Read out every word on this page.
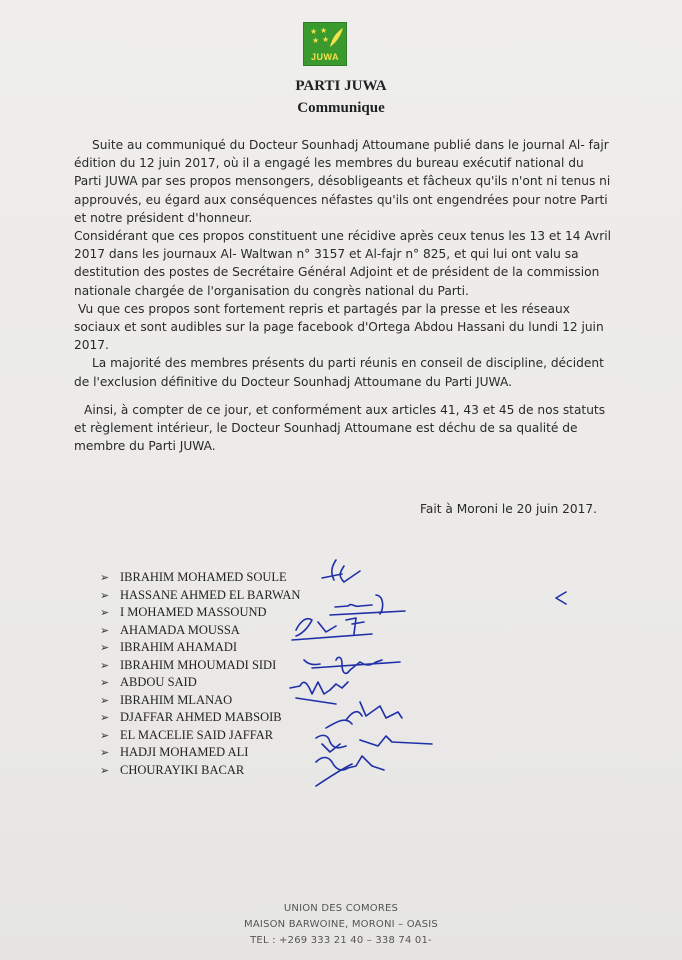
★ ★
★ ★
JUWA
PARTI JUWA
Communique

Suite au communiqué du Docteur Sounhadj Attoumane publié dans le journal Al- fajr édition du 12 juin 2017, où il a engagé les membres du bureau exécutif national du Parti JUWA par ses propos mensongers, désobligeants et fâcheux qu'ils n'ont ni tenus ni approuvés, eu égard aux conséquences néfastes qu'ils ont engendrées pour notre Parti et notre président d'honneur.

Considérant que ces propos constituent une récidive après ceux tenus les 13 et 14 Avril 2017 dans les journaux Al- Waltwan n° 3157 et Al-fajr n° 825, et qui lui ont valu sa destitution des postes de Secrétaire Général Adjoint et de président de la commission nationale chargée de l'organisation du congrès national du Parti.

Vu que ces propos sont fortement repris et partagés par la presse et les réseaux sociaux et sont audibles sur la page facebook d'Ortega Abdou Hassani du lundi 12 juin 2017.

La majorité des membres présents du parti réunis en conseil de discipline, décident de l'exclusion définitive du Docteur Sounhadj Attoumane du Parti JUWA.

Ainsi, à compter de ce jour, et conformément aux articles 41, 43 et 45 de nos statuts et règlement intérieur, le Docteur Sounhadj Attoumane est déchu de sa qualité de membre du Parti JUWA.

Fait à Moroni le 20 juin 2017.
➢ IBRAHIM MOHAMED SOULE
➢ HASSANE AHMED EL BARWAN
➢ I MOHAMED MASSOUND
➢ AHAMADA MOUSSA
➢ IBRAHIM AHAMADI
➢ IBRAHIM MHOUMADI SIDI
➢ ABDOU SAID
➢ IBRAHIM MLANAO
➢ DJAFFAR AHMED MABSOIB
➢ EL MACELIE SAID JAFFAR
➢ HADJI MOHAMED ALI
➢ CHOURAYIKI BACAR
UNION DES COMORES
MAISON BARWOINE, MORONI – OASIS
TEL : +269 333 21 40 – 338 74 01-
